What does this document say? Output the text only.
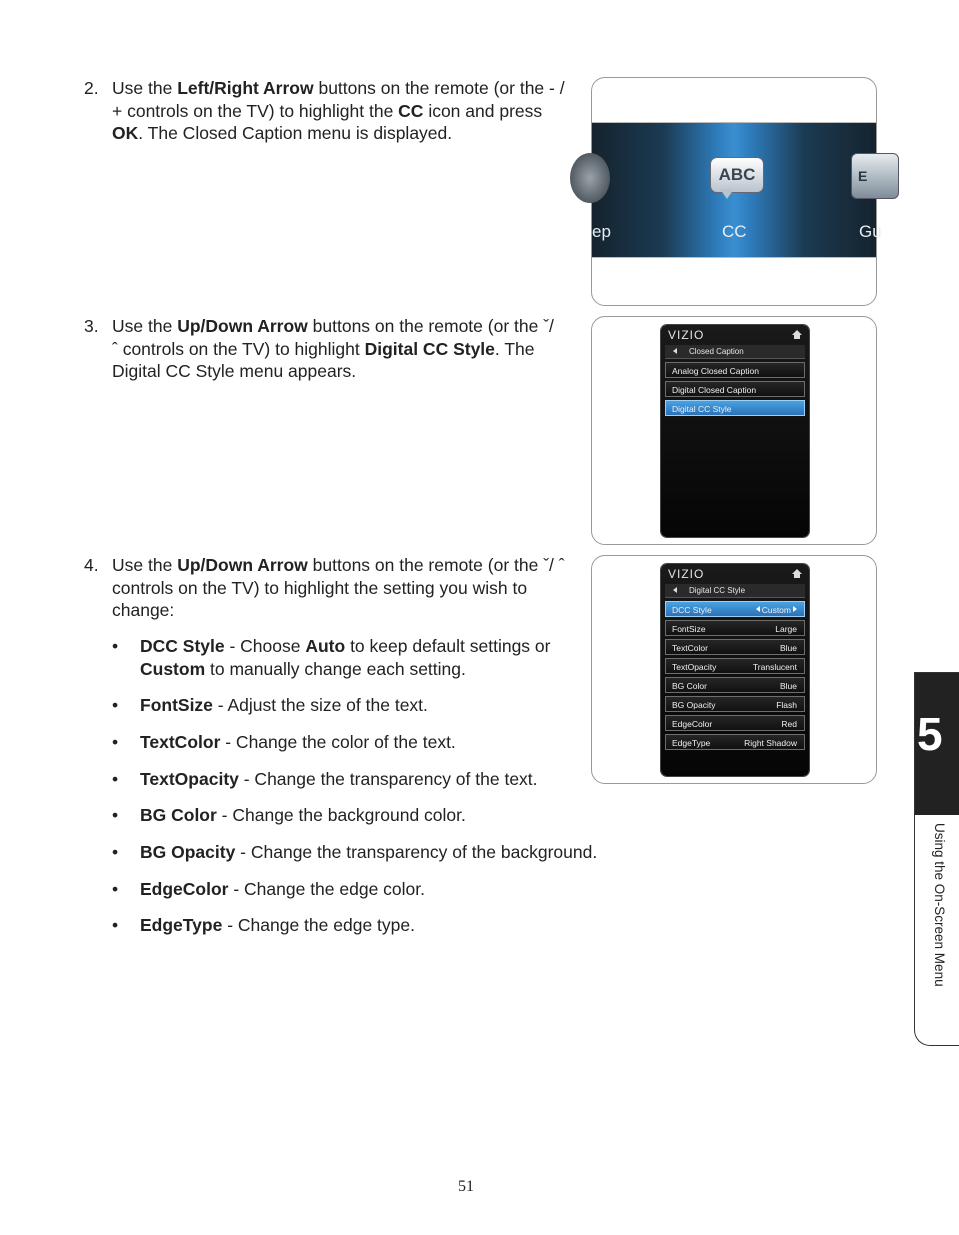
2. Use the Left/Right Arrow buttons on the remote (or the - / + controls on the TV) to highlight the CC icon and press OK. The Closed Caption menu is displayed.
3. Use the Up/Down Arrow buttons on the remote (or the ˇ/ ˆ controls on the TV) to highlight Digital CC Style. The Digital CC Style menu appears.
4. Use the Up/Down Arrow buttons on the remote (or the ˇ/ ˆ controls on the TV) to highlight the setting you wish to change:
• DCC Style - Choose Auto to keep default settings or Custom to manually change each setting.
• FontSize - Adjust the size of the text.
• TextColor - Change the color of the text.
• TextOpacity - Change the transparency of the text.
• BG Color - Change the background color.
• BG Opacity - Change the transparency of the background.
• EdgeColor - Change the edge color.
• EdgeType - Change the edge type.
ABC	E
ep	CC	Gu
VIZIO
Closed Caption
Analog Closed Caption
Digital Closed Caption
Digital CC Style
VIZIO
Digital CC Style
DCC Style	Custom
FontSize	Large
TextColor	Blue
TextOpacity	Translucent
BG Color	Blue
BG Opacity	Flash
EdgeColor	Red
EdgeType	Right Shadow	5
Using the On-Screen Menu
51
